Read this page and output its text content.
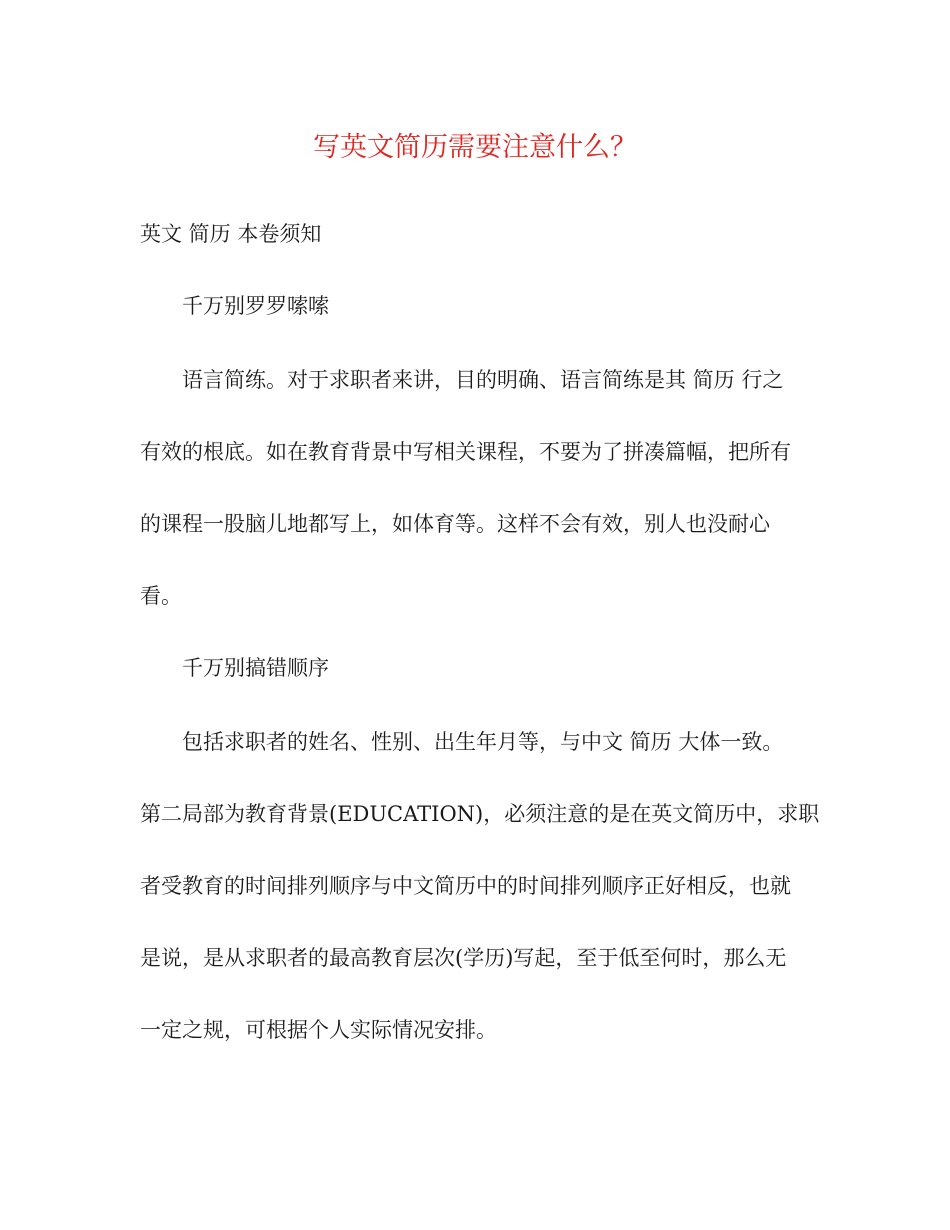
写英文简历需要注意什么？

英文 简历 本卷须知

千万别罗罗嗦嗦

语言简练。对于求职者来讲，目的明确、语言简练是其 简历 行之

有效的根底。如在教育背景中写相关课程，不要为了拼凑篇幅，把所有

的课程一股脑儿地都写上，如体育等。这样不会有效，别人也没耐心

看。

千万别搞错顺序

包括求职者的姓名、性别、出生年月等，与中文 简历 大体一致。

第二局部为教育背景(EDUCATION)，必须注意的是在英文简历中，求职

者受教育的时间排列顺序与中文简历中的时间排列顺序正好相反，也就

是说，是从求职者的最高教育层次(学历)写起，至于低至何时，那么无

一定之规，可根据个人实际情况安排。
